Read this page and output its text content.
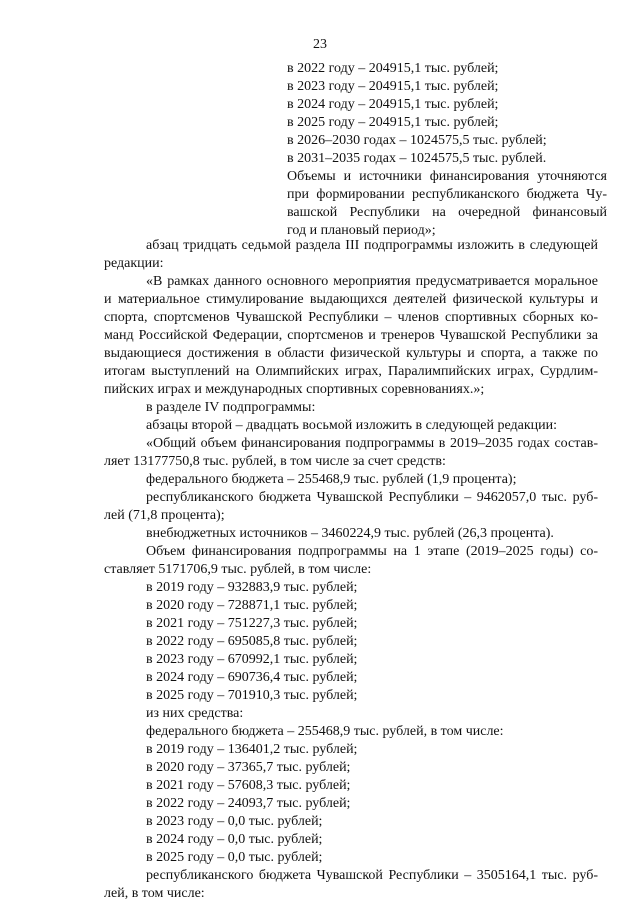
23
в 2022 году – 204915,1 тыс. рублей;
в 2023 году – 204915,1 тыс. рублей;
в 2024 году – 204915,1 тыс. рублей;
в 2025 году – 204915,1 тыс. рублей;
в 2026–2030 годах – 1024575,5 тыс. рублей;
в 2031–2035 годах – 1024575,5 тыс. рублей.
Объемы и источники финансирования уточняются
при формировании республиканского бюджета Чу-
вашской Республики на очередной финансовый
год и плановый период»;
абзац тридцать седьмой раздела III подпрограммы изложить в следующей
редакции:
«В рамках данного основного мероприятия предусматривается моральное
и материальное стимулирование выдающихся деятелей физической культуры и
спорта, спортсменов Чувашской Республики – членов спортивных сборных ко-
манд Российской Федерации, спортсменов и тренеров Чувашской Республики за
выдающиеся достижения в области физической культуры и спорта, а также по
итогам выступлений на Олимпийских играх, Паралимпийских играх, Сурдлим-
пийских играх и международных спортивных соревнованиях.»;
в разделе IV подпрограммы:
абзацы второй – двадцать восьмой изложить в следующей редакции:
«Общий объем финансирования подпрограммы в 2019–2035 годах состав-
ляет 13177750,8 тыс. рублей, в том числе за счет средств:
федерального бюджета – 255468,9 тыс. рублей (1,9 процента);
республиканского бюджета Чувашской Республики – 9462057,0 тыс. руб-
лей (71,8 процента);
внебюджетных источников – 3460224,9 тыс. рублей (26,3 процента).
Объем финансирования подпрограммы на 1 этапе (2019–2025 годы) со-
ставляет 5171706,9 тыс. рублей, в том числе:
в 2019 году – 932883,9 тыс. рублей;
в 2020 году – 728871,1 тыс. рублей;
в 2021 году – 751227,3 тыс. рублей;
в 2022 году – 695085,8 тыс. рублей;
в 2023 году – 670992,1 тыс. рублей;
в 2024 году – 690736,4 тыс. рублей;
в 2025 году – 701910,3 тыс. рублей;
из них средства:
федерального бюджета – 255468,9 тыс. рублей, в том числе:
в 2019 году – 136401,2 тыс. рублей;
в 2020 году – 37365,7 тыс. рублей;
в 2021 году – 57608,3 тыс. рублей;
в 2022 году – 24093,7 тыс. рублей;
в 2023 году – 0,0 тыс. рублей;
в 2024 году – 0,0 тыс. рублей;
в 2025 году – 0,0 тыс. рублей;
республиканского бюджета Чувашской Республики – 3505164,1 тыс. руб-
лей, в том числе:
